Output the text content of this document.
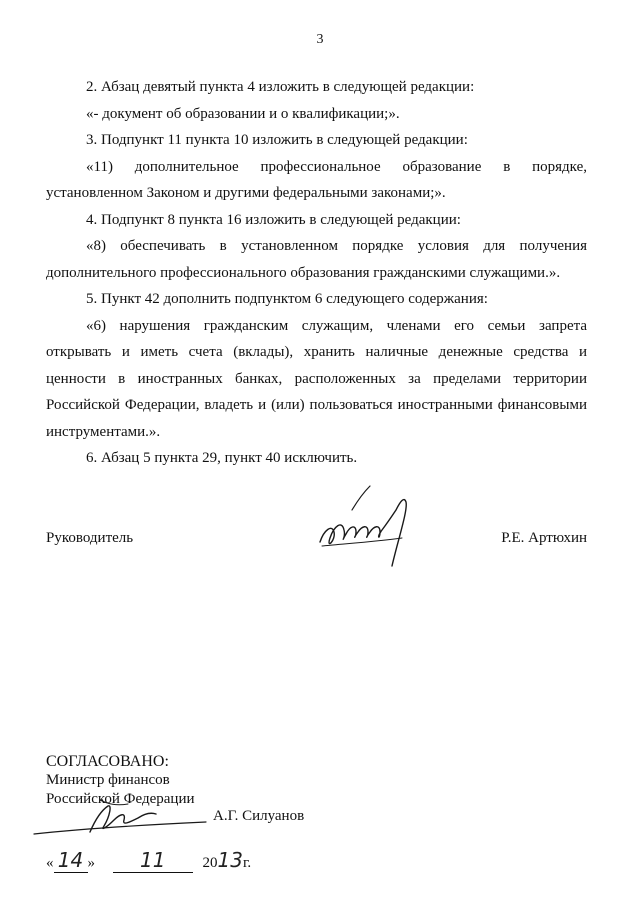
3

2. Абзац девятый пункта 4 изложить в следующей редакции:

«- документ об образовании и о квалификации;».

3. Подпункт 11 пункта 10 изложить в следующей редакции:

«11) дополнительное профессиональное образование в порядке, установленном Законом и другими федеральными законами;».

4. Подпункт 8 пункта 16 изложить в следующей редакции:

«8) обеспечивать в установленном порядке условия для получения дополнительного профессионального образования гражданскими служащими.».

5. Пункт 42 дополнить подпунктом 6 следующего содержания:

«6) нарушения гражданским служащим, членами его семьи запрета открывать и иметь счета (вклады), хранить наличные денежные средства и ценности в иностранных банках, расположенных за пределами территории Российской Федерации, владеть и (или) пользоваться иностранными финансовыми инструментами.».

6. Абзац 5 пункта 29, пункт 40 исключить.

Руководитель	Р.Е. Артюхин
СОГЛАСОВАНО:
Министр финансов
Российской Федерации
А.Г. Силуанов
« 14 » 11 2013г.
